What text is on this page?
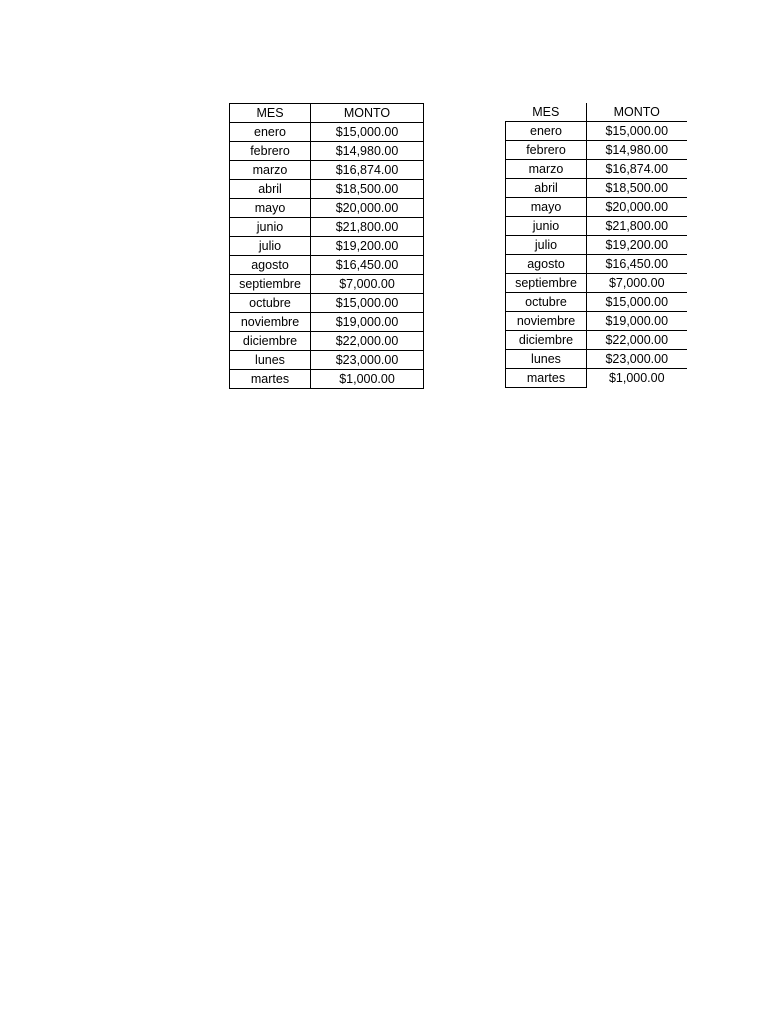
MES	MONTO
enero	$15,000.00
febrero	$14,980.00
marzo	$16,874.00
abril	$18,500.00
mayo	$20,000.00
junio	$21,800.00
julio	$19,200.00
agosto	$16,450.00
septiembre	$7,000.00
octubre	$15,000.00
noviembre	$19,000.00
diciembre	$22,000.00
lunes	$23,000.00
martes	$1,000.00
MES	MONTO
enero	$15,000.00
febrero	$14,980.00
marzo	$16,874.00
abril	$18,500.00
mayo	$20,000.00
junio	$21,800.00
julio	$19,200.00
agosto	$16,450.00
septiembre	$7,000.00
octubre	$15,000.00
noviembre	$19,000.00
diciembre	$22,000.00
lunes	$23,000.00
martes	$1,000.00
